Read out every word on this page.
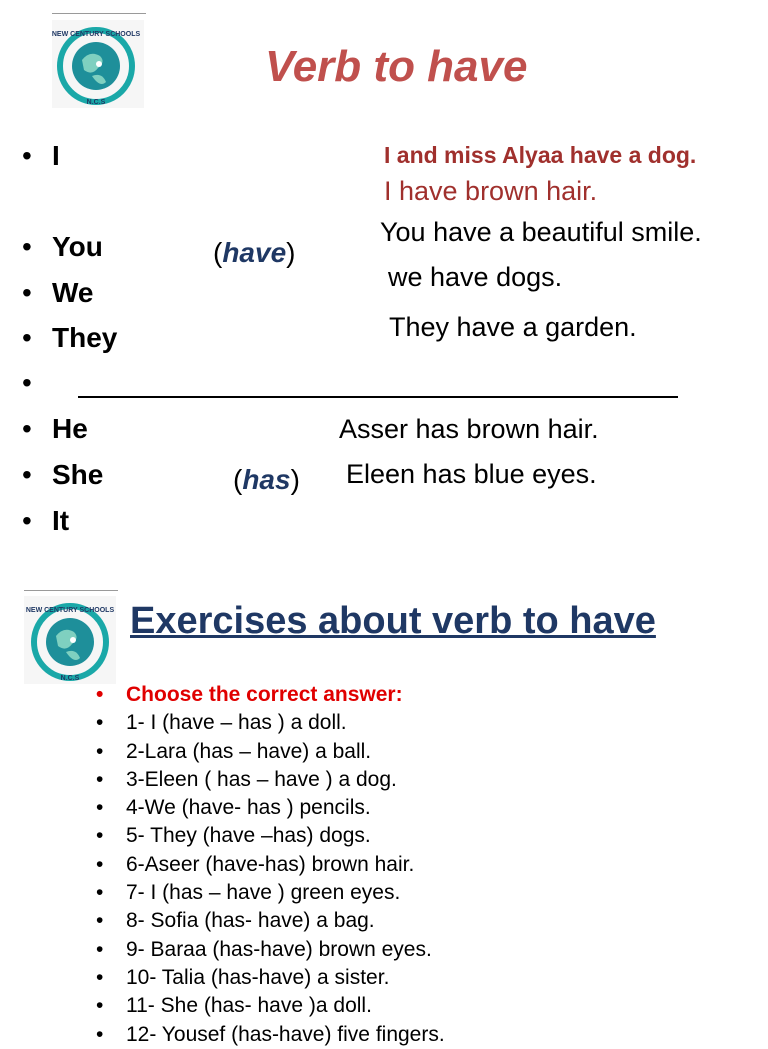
NEW CENTURY SCHOOLS
N.C.S
Verb to have
• I
• You
• We
• They
•
• He
• She
• It
(have)
(has)
I and miss Alyaa have a dog.
I have brown hair.
You have a beautiful smile.
we have dogs.
They have a garden.
Asser has brown hair.
Eleen has blue eyes.
NEW CENTURY SCHOOLS
N.C.S
Exercises about verb to have
• Choose the correct answer:
• 1- I (have – has ) a doll.
• 2-Lara (has – have) a ball.
• 3-Eleen ( has – have ) a dog.
• 4-We (have- has ) pencils.
• 5- They (have –has) dogs.
• 6-Aseer (have-has) brown hair.
• 7- I (has – have ) green eyes.
• 8- Sofia (has- have) a bag.
• 9- Baraa (has-have) brown eyes.
• 10- Talia (has-have) a sister.
• 11- She (has- have )a doll.
• 12- Yousef (has-have) five fingers.
